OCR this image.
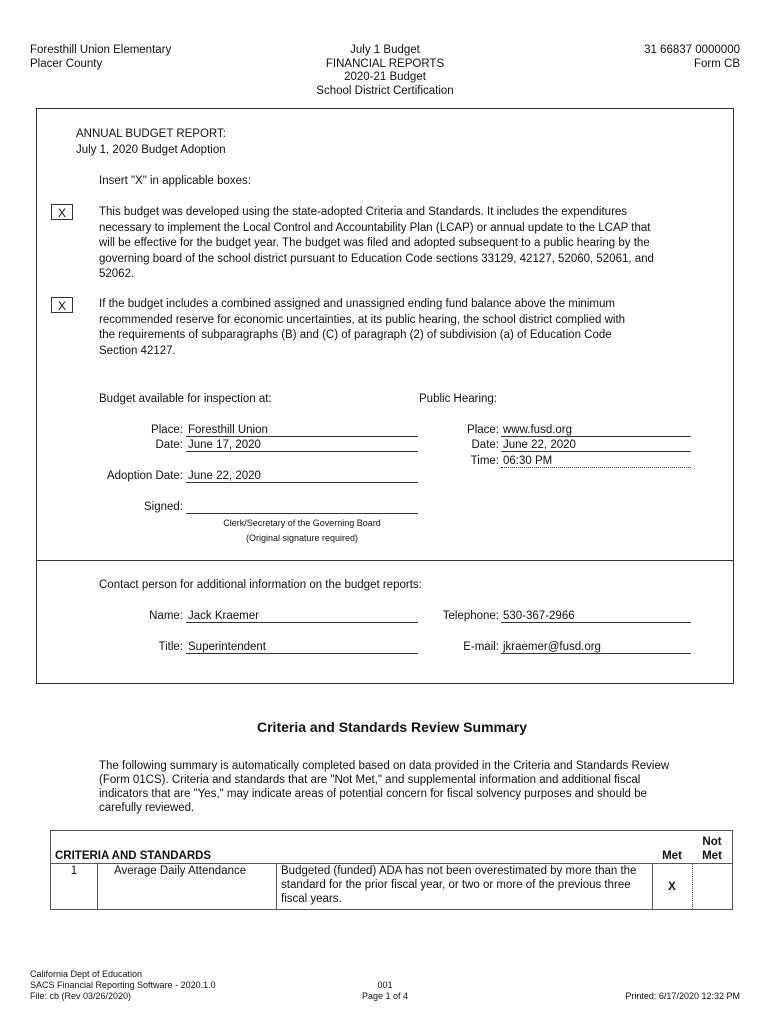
Foresthill Union Elementary
Placer County
July 1 Budget
FINANCIAL REPORTS
2020-21 Budget
School District Certification
31 66837 0000000
Form CB
ANNUAL BUDGET REPORT:
July 1, 2020 Budget Adoption
Insert "X" in applicable boxes:
X	This budget was developed using the state-adopted Criteria and Standards. It includes the expenditures
necessary to implement the Local Control and Accountability Plan (LCAP) or annual update to the LCAP that
will be effective for the budget year. The budget was filed and adopted subsequent to a public hearing by the
governing board of the school district pursuant to Education Code sections 33129, 42127, 52060, 52061, and
52062.
X	If the budget includes a combined assigned and unassigned ending fund balance above the minimum
recommended reserve for economic uncertainties, at its public hearing, the school district complied with
the requirements of subparagraphs (B) and (C) of paragraph (2) of subdivision (a) of Education Code
Section 42127.
Budget available for inspection at:	Public Hearing:
Place: Foresthill Union
Date: June 17, 2020
Place: www.fusd.org
Date: June 22, 2020
Time: 06:30 PM
Adoption Date: June 22, 2020
Signed:
Clerk/Secretary of the Governing Board
(Original signature required)
Contact person for additional information on the budget reports:
Name: Jack Kraemer
Title: Superintendent
Telephone: 530-367-2966
E-mail: jkraemer@fusd.org
Criteria and Standards Review Summary
The following summary is automatically completed based on data provided in the Criteria and Standards Review
(Form 01CS). Criteria and standards that are "Not Met," and supplemental information and additional fiscal
indicators that are "Yes," may indicate areas of potential concern for fiscal solvency purposes and should be
carefully reviewed.
CRITERIA AND STANDARDS			Met	Not
Met

1	Average Daily Attendance	Budgeted (funded) ADA has not been overestimated by more than the
standard for the prior fiscal year, or two or more of the previous three
fiscal years.	X	
California Dept of Education
SACS Financial Reporting Software - 2020.1.0
File: cb (Rev 03/26/2020)
001
Page 1 of 4	Printed: 6/17/2020 12:32 PM
